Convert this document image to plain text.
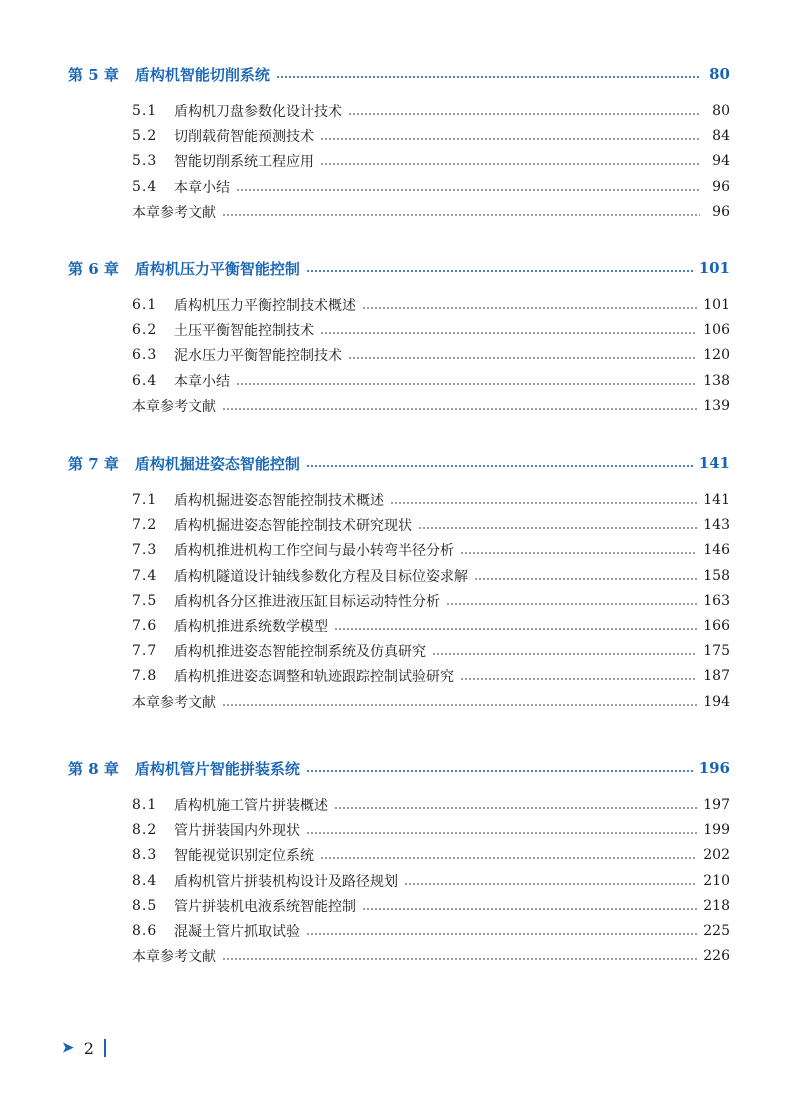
第 5 章 盾构机智能切削系统	80
5.1	盾构机刀盘参数化设计技术	80
5.2	切削载荷智能预测技术	84
5.3	智能切削系统工程应用	94
5.4	本章小结	96
本章参考文献	96
第 6 章 盾构机压力平衡智能控制	101
6.1	盾构机压力平衡控制技术概述	101
6.2	土压平衡智能控制技术	106
6.3	泥水压力平衡智能控制技术	120
6.4	本章小结	138
本章参考文献	139
第 7 章 盾构机掘进姿态智能控制	141
7.1	盾构机掘进姿态智能控制技术概述	141
7.2	盾构机掘进姿态智能控制技术研究现状	143
7.3	盾构机推进机构工作空间与最小转弯半径分析	146
7.4	盾构机隧道设计轴线参数化方程及目标位姿求解	158
7.5	盾构机各分区推进液压缸目标运动特性分析	163
7.6	盾构机推进系统数学模型	166
7.7	盾构机推进姿态智能控制系统及仿真研究	175
7.8	盾构机推进姿态调整和轨迹跟踪控制试验研究	187
本章参考文献	194
第 8 章 盾构机管片智能拼装系统	196
8.1	盾构机施工管片拼装概述	197
8.2	管片拼装国内外现状	199
8.3	智能视觉识别定位系统	202
8.4	盾构机管片拼装机构设计及路径规划	210
8.5	管片拼装机电液系统智能控制	218
8.6	混凝土管片抓取试验	225
本章参考文献	226
➤ 2
